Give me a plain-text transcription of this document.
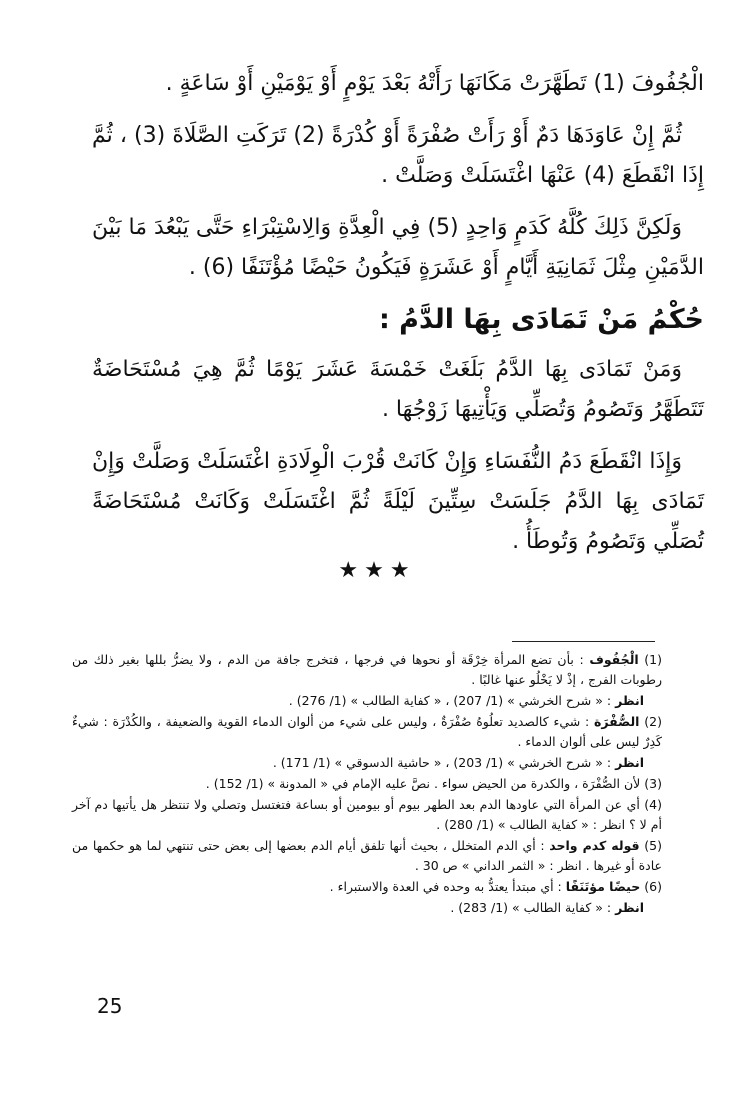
الْجُفُوفَ (1) تَطَهَّرَتْ مَكَانَهَا رَأَتْهُ بَعْدَ يَوْمٍ أَوْ يَوْمَيْنِ أَوْ سَاعَةٍ .

ثُمَّ إِنْ عَاوَدَهَا دَمٌ أَوْ رَأَتْ صُفْرَةً أَوْ كُدْرَةً (2) تَرَكَتِ الصَّلَاةَ (3) ، ثُمَّ إِذَا انْقَطَعَ (4) عَنْهَا اغْتَسَلَتْ وَصَلَّتْ .

وَلَكِنَّ ذَلِكَ كُلَّهُ كَدَمٍ وَاحِدٍ (5) فِي الْعِدَّةِ وَالِاسْتِبْرَاءِ حَتَّى يَبْعُدَ مَا بَيْنَ الدَّمَيْنِ مِثْلَ ثَمَانِيَةِ أَيَّامٍ أَوْ عَشَرَةٍ فَيَكُونُ حَيْضًا مُؤْتَنَفًا (6) .

حُكْمُ مَنْ تَمَادَى بِهَا الدَّمُ :

وَمَنْ تَمَادَى بِهَا الدَّمُ بَلَغَتْ خَمْسَةَ عَشَرَ يَوْمًا ثُمَّ هِيَ مُسْتَحَاضَةٌ تَتَطَهَّرُ وَتَصُومُ وَتُصَلِّي وَيَأْتِيهَا زَوْجُهَا .

وَإِذَا انْقَطَعَ دَمُ النُّفَسَاءِ وَإِنْ كَانَتْ قُرْبَ الْوِلَادَةِ اغْتَسَلَتْ وَصَلَّتْ وَإِنْ تَمَادَى بِهَا الدَّمُ جَلَسَتْ سِتِّينَ لَيْلَةً ثُمَّ اغْتَسَلَتْ وَكَانَتْ مُسْتَحَاضَةً تُصَلِّي وَتَصُومُ وَتُوطَأُ .

★★★
(1) الْجُفُوف : بأن تضع المرأة خِرْقَة أو نحوها في فرجها ، فتخرج جافة من الدم ، ولا يضرُّ بللها بغير ذلك من رطوبات الفرج ، إذْ لا يَخْلُو عنها غالبًا .
انظر : « شرح الخرشي » (1/ 207) ، « كفاية الطالب » (1/ 276) .
(2) الصُّفْرَة : شيء كالصديد تعلُوهُ صُفْرَةٌ ، وليس على شيء من ألوان الدماء القوية والضعيفة ، والكُدْرَة : شيءٌ كَدِرٌ ليس على ألوان الدماء .
انظر : « شرح الخرشي » (1/ 203) ، « حاشية الدسوقي » (1/ 171) .
(3) لأن الصُّفْرَة ، والكدرة من الحيض سواء . نصَّ عليه الإمام في « المدونة » (1/ 152) .
(4) أي عن المرأة التي عاودها الدم بعد الطهر بيوم أو بيومين أو بساعة فتغتسل وتصلي ولا تنتظر هل يأتيها دم آخر أم لا ؟ انظر : « كفاية الطالب » (1/ 280) .
(5) قوله كدم واحد : أي الدم المتخلل ، بحيث أنها تلفق أيام الدم بعضها إلى بعض حتى تنتهي لما هو حكمها من عادة أو غيرها . انظر : « الثمر الداني » ص 30 .
(6) حيضًا مؤتَنَفًا : أي مبتدأ يعتدُّ به وحده في العدة والاستبراء .
انظر : « كفاية الطالب » (1/ 283) .
25
